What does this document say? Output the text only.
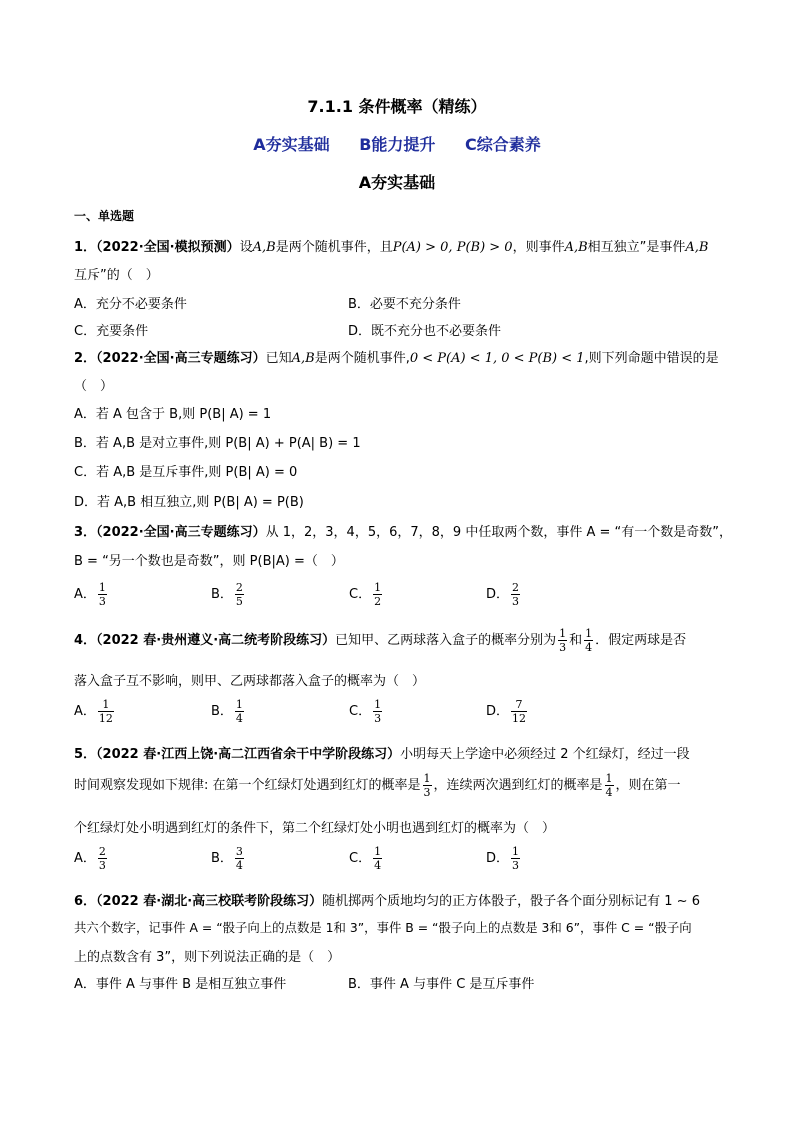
7.1.1 条件概率（精练）
A夯实基础 B能力提升 C综合素养
A夯实基础
一、单选题
1．（2022·全国·模拟预测）设A,B是两个随机事件，且P(A) > 0, P(B) > 0，则事件A,B相互独立”是事件A,B
互斥”的（　）
A．充分不必要条件	B．必要不充分条件
C．充要条件	D．既不充分也不必要条件
2．（2022·全国·高三专题练习）已知A,B是两个随机事件,0 < P(A) < 1, 0 < P(B) < 1,则下列命题中错误的是
（　）
A．若 A 包含于 B,则 P(B| A) = 1
B．若 A,B 是对立事件,则 P(B| A) + P(A| B) = 1
C．若 A,B 是互斥事件,则 P(B| A) = 0
D．若 A,B 相互独立,则 P(B| A) = P(B)
3．（2022·全国·高三专题练习）从 1，2，3，4，5，6，7，8，9 中任取两个数，事件 A = “有一个数是奇数”，
B = “另一个数也是奇数”，则 P(B|A) =（　）
A． $\frac{1}{3}$	B． $\frac{2}{5}$	C． $\frac{1}{2}$	D． $\frac{2}{3}$
4．（2022 春·贵州遵义·高二统考阶段练习）已知甲、乙两球落入盒子的概率分别为 $\frac{1}{3}$ 和 $\frac{1}{4}$ ．假定两球是否
落入盒子互不影响，则甲、乙两球都落入盒子的概率为（　）
A． $\frac{1}{12}$	B． $\frac{1}{4}$	C． $\frac{1}{3}$	D． $\frac{7}{12}$
5．（2022 春·江西上饶·高二江西省余干中学阶段练习）小明每天上学途中必须经过 2 个红绿灯，经过一段
时间观察发现如下规律: 在第一个红绿灯处遇到红灯的概率是 $\frac{1}{3}$ ，连续两次遇到红灯的概率是 $\frac{1}{4}$ ，则在第一
个红绿灯处小明遇到红灯的条件下，第二个红绿灯处小明也遇到红灯的概率为（　）
A． $\frac{2}{3}$	B． $\frac{3}{4}$	C． $\frac{1}{4}$	D． $\frac{1}{3}$
6．（2022 春·湖北·高三校联考阶段练习）随机掷两个质地均匀的正方体骰子，骰子各个面分别标记有 1 ~ 6
共六个数字，记事件 A = “骰子向上的点数是 1和 3”，事件 B = “骰子向上的点数是 3和 6”，事件 C = “骰子向
上的点数含有 3”，则下列说法正确的是（　）
A．事件 A 与事件 B 是相互独立事件	B．事件 A 与事件 C 是互斥事件
